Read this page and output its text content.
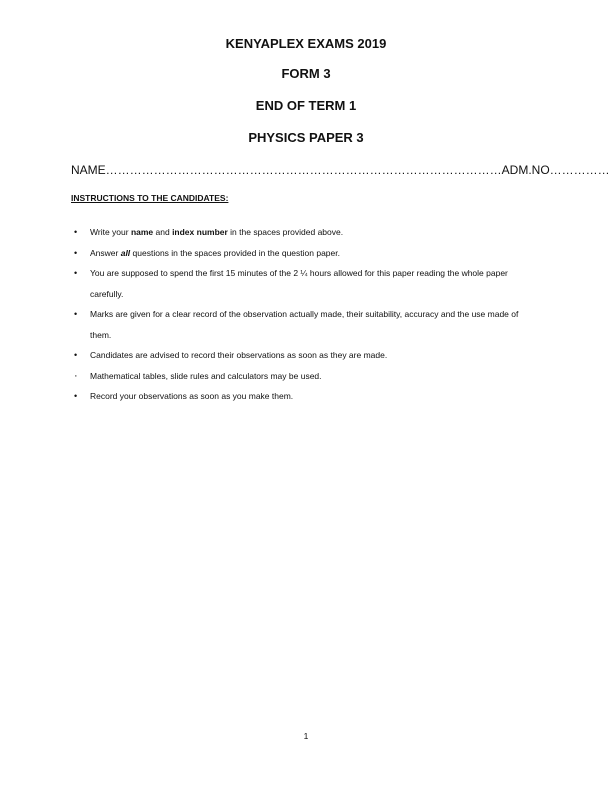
KENYAPLEX EXAMS 2019
FORM 3
END OF TERM 1
PHYSICS PAPER 3
NAME………………………………………………………………………………………ADM.NO……………

INSTRUCTIONS TO THE CANDIDATES:

• Write your name and index number in the spaces provided above.
• Answer all questions in the spaces provided in the question paper.
• You are supposed to spend the first 15 minutes of the 2 ¼ hours allowed for this paper reading the whole paper carefully.
• Marks are given for a clear record of the observation actually made, their suitability, accuracy and the use made of them.
• Candidates are advised to record their observations as soon as they are made.
· Mathematical tables, slide rules and calculators may be used.
• Record your observations as soon as you make them.
1
